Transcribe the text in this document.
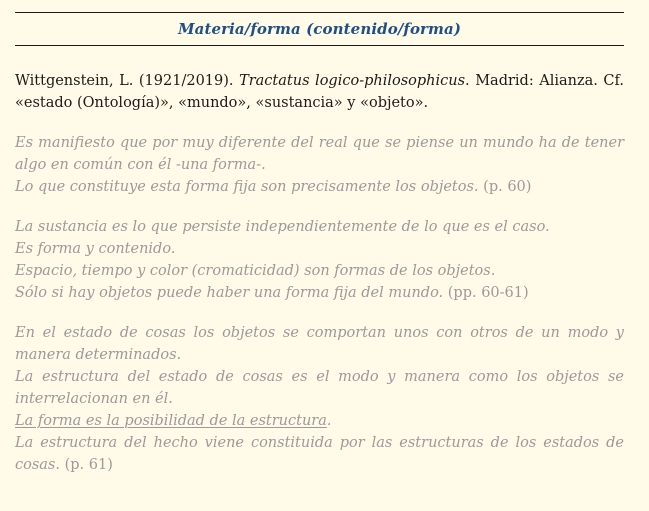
Materia/forma (contenido/forma)

Wittgenstein, L. (1921/2019). Tractatus logico-philosophicus. Madrid: Alianza. Cf. «estado (Ontología)», «mundo», «sustancia» y «objeto».

Es manifiesto que por muy diferente del real que se piense un mundo ha de tener algo en común con él -una forma-.
Lo que constituye esta forma fija son precisamente los objetos. (p. 60)
La sustancia es lo que persiste independientemente de lo que es el caso.
Es forma y contenido.
Espacio, tiempo y color (cromaticidad) son formas de los objetos.
Sólo si hay objetos puede haber una forma fija del mundo. (pp. 60-61)
En el estado de cosas los objetos se comportan unos con otros de un modo y manera determinados.
La estructura del estado de cosas es el modo y manera como los objetos se interrelacionan en él.
La forma es la posibilidad de la estructura.
La estructura del hecho viene constituida por las estructuras de los estados de cosas. (p. 61)
